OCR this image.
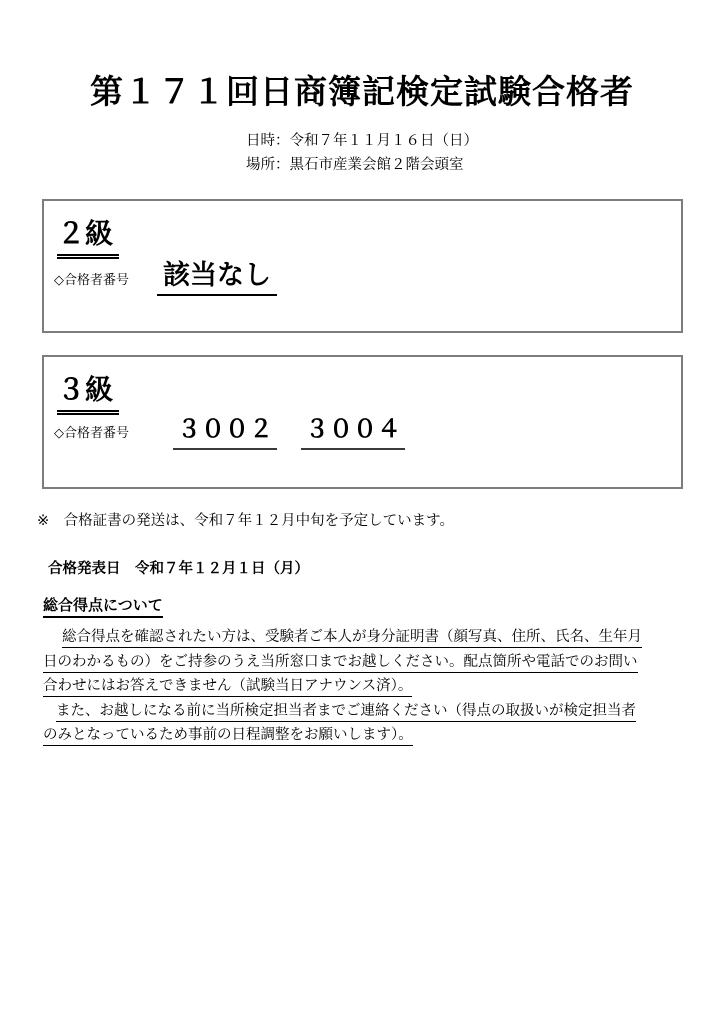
第１７１回日商簿記検定試験合格者
日時：令和７年１１月１６日（日）
場所：黒石市産業会館２階会頭室
２級
◇合格者番号 該当なし
３級
◇合格者番号 ３００２ ３００４

※　合格証書の発送は、令和７年１２月中旬を予定しています。

合格発表日　令和７年１２月１日（月）

総合得点について
総合得点を確認されたい方は、受験者ご本人が身分証明書（顔写真、住所、氏名、生年月
日のわかるもの）をご持参のうえ当所窓口までお越しください。配点箇所や電話でのお問い
合わせにはお答えできません（試験当日アナウンス済）。
また、お越しになる前に当所検定担当者までご連絡ください（得点の取扱いが検定担当者
のみとなっているため事前の日程調整をお願いします）。
